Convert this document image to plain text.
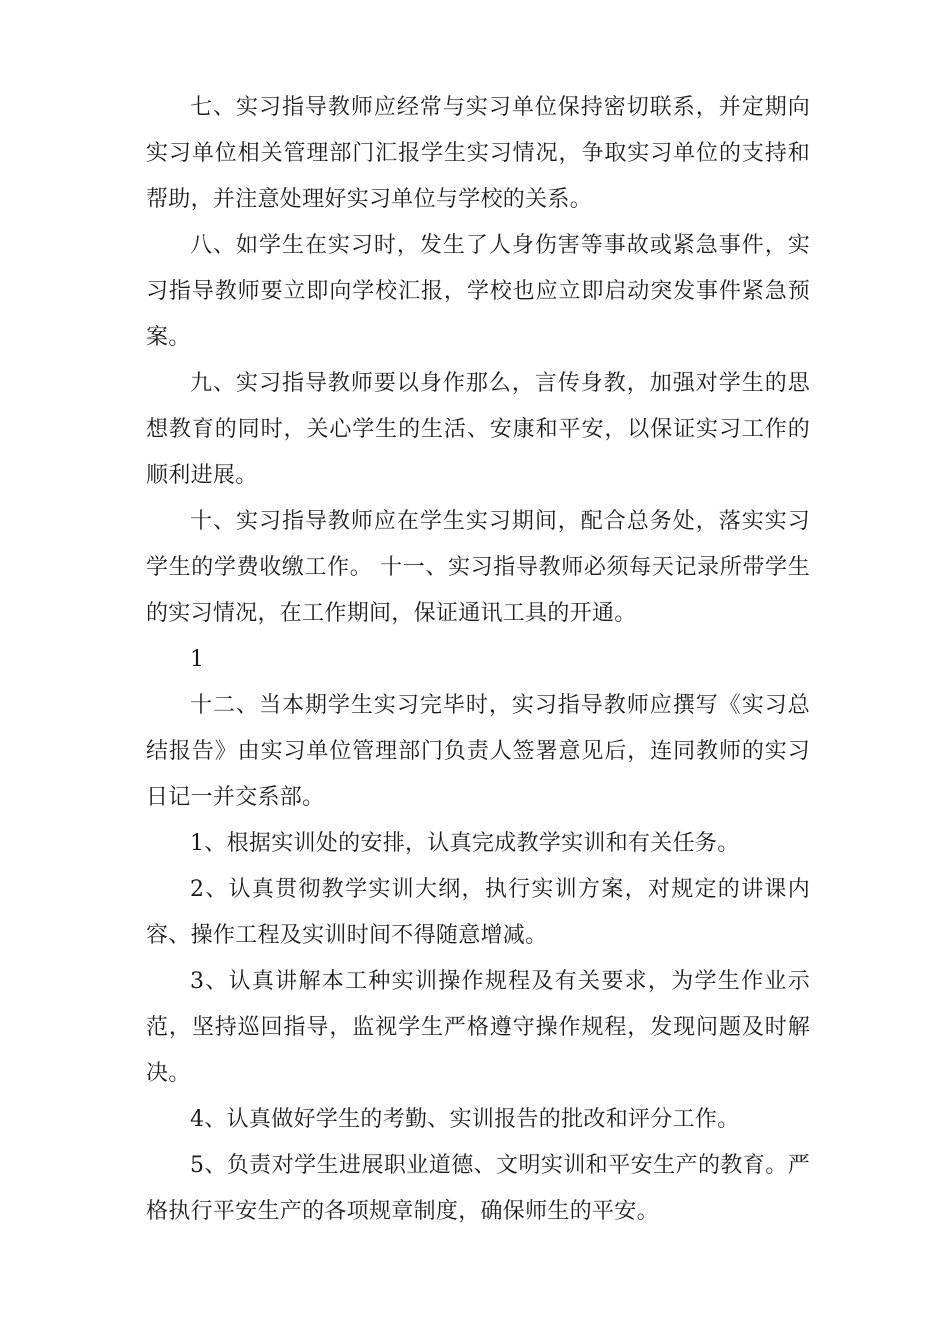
七、实习指导教师应经常与实习单位保持密切联系，并定期向实习单位相关管理部门汇报学生实习情况，争取实习单位的支持和帮助，并注意处理好实习单位与学校的关系。

八、如学生在实习时，发生了人身伤害等事故或紧急事件，实习指导教师要立即向学校汇报，学校也应立即启动突发事件紧急预案。

九、实习指导教师要以身作那么，言传身教，加强对学生的思想教育的同时，关心学生的生活、安康和平安，以保证实习工作的顺利进展。

十、实习指导教师应在学生实习期间，配合总务处，落实实习学生的学费收缴工作。 十一、实习指导教师必须每天记录所带学生的实习情况，在工作期间，保证通讯工具的开通。

1

十二、当本期学生实习完毕时，实习指导教师应撰写《实习总结报告》由实习单位管理部门负责人签署意见后，连同教师的实习日记一并交系部。

1、根据实训处的安排，认真完成教学实训和有关任务。

2、认真贯彻教学实训大纲，执行实训方案，对规定的讲课内容、操作工程及实训时间不得随意增减。

3、认真讲解本工种实训操作规程及有关要求，为学生作业示范，坚持巡回指导，监视学生严格遵守操作规程，发现问题及时解决。

4、认真做好学生的考勤、实训报告的批改和评分工作。

5、负责对学生进展职业道德、文明实训和平安生产的教育。严格执行平安生产的各项规章制度，确保师生的平安。
